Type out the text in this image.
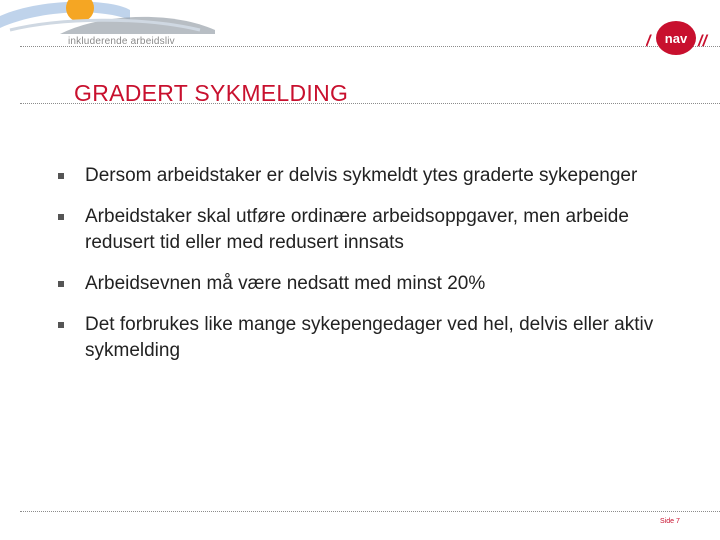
inkluderende arbeidsliv	/ nav //
GRADERT SYKMELDING
Dersom arbeidstaker er delvis sykmeldt ytes graderte sykepenger
Arbeidstaker skal utføre ordinære arbeidsoppgaver, men arbeide redusert tid eller med redusert innsats
Arbeidsevnen må være nedsatt med minst 20%
Det forbrukes like mange sykepengedager ved hel, delvis eller aktiv sykmelding
Side 7
